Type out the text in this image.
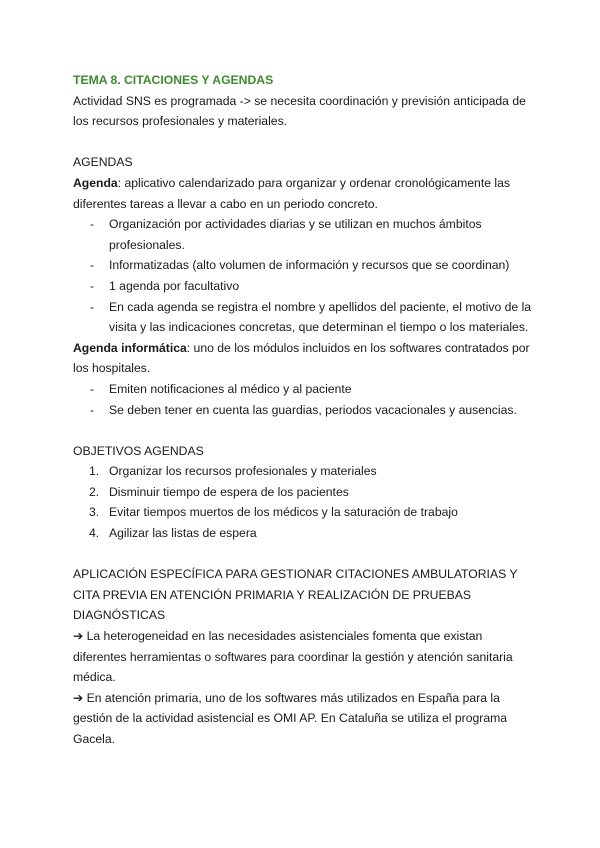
TEMA 8. CITACIONES Y AGENDAS

Actividad SNS es programada -> se necesita coordinación y previsión anticipada de los recursos profesionales y materiales.

AGENDAS

Agenda: aplicativo calendarizado para organizar y ordenar cronológicamente las diferentes tareas a llevar a cabo en un periodo concreto.

- Organización por actividades diarias y se utilizan en muchos ámbitos profesionales.
- Informatizadas (alto volumen de información y recursos que se coordinan)
- 1 agenda por facultativo
- En cada agenda se registra el nombre y apellidos del paciente, el motivo de la visita y las indicaciones concretas, que determinan el tiempo o los materiales.

Agenda informática: uno de los módulos incluidos en los softwares contratados por los hospitales.

- Emiten notificaciones al médico y al paciente
- Se deben tener en cuenta las guardias, periodos vacacionales y ausencias.

OBJETIVOS AGENDAS

1. Organizar los recursos profesionales y materiales
2. Disminuir tiempo de espera de los pacientes
3. Evitar tiempos muertos de los médicos y la saturación de trabajo
4. Agilizar las listas de espera

APLICACIÓN ESPECÍFICA PARA GESTIONAR CITACIONES AMBULATORIAS Y

CITA PREVIA EN ATENCIÓN PRIMARIA Y REALIZACIÓN DE PRUEBAS

DIAGNÓSTICAS

➔ La heterogeneidad en las necesidades asistenciales fomenta que existan diferentes herramientas o softwares para coordinar la gestión y atención sanitaria médica.

➔ En atención primaria, uno de los softwares más utilizados en España para la gestión de la actividad asistencial es OMI AP. En Cataluña se utiliza el programa Gacela.
